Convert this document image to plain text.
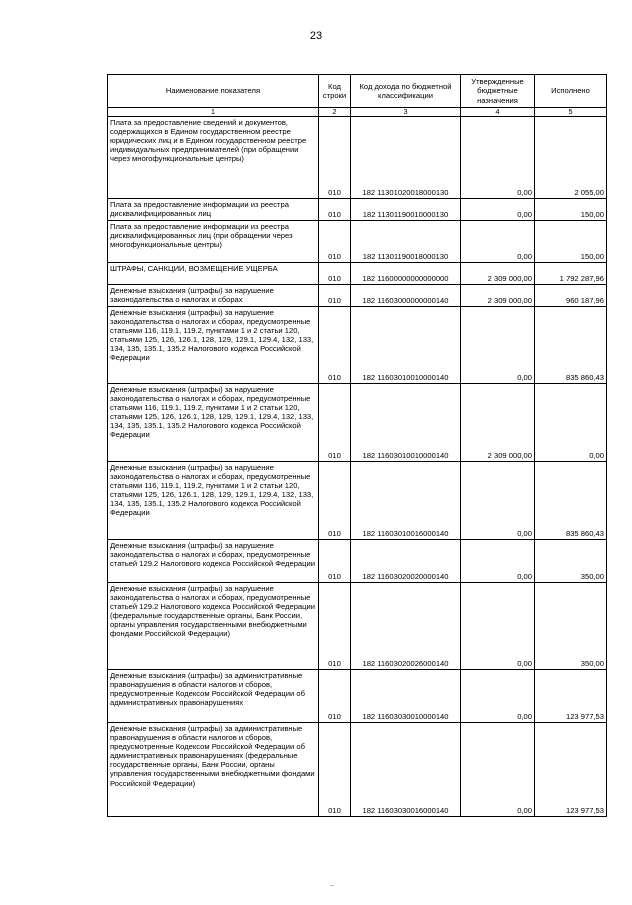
23
Наименование показателя	Код строки	Код дохода по бюджетной классификации	Утвержденные бюджетные назначения	Исполнено
1	2	3	4	5
Плата за предоставление сведений и документов, содержащихся в Едином государственном реестре юридических лиц и в Едином государственном реестре индивидуальных предпринимателей (при обращении через многофункциональные центры)	010	182 11301020018000130	0,00	2 055,00
Плата за предоставление информации из реестра дисквалифицированных лиц	010	182 11301190010000130	0,00	150,00
Плата за предоставление информации из реестра дисквалифицированных лиц (при обращении через многофункциональные центры)	010	182 11301190018000130	0,00	150,00
ШТРАФЫ, САНКЦИИ, ВОЗМЕЩЕНИЕ УЩЕРБА	010	182 11600000000000000	2 309 000,00	1 792 287,96
Денежные взыскания (штрафы) за нарушение законодательства о налогах и сборах	010	182 11603000000000140	2 309 000,00	960 187,96
Денежные взыскания (штрафы) за нарушение законодательства о налогах и сборах, предусмотренные статьями 116, 119.1, 119.2, пунктами 1 и 2 статьи 120, статьями 125, 126, 126.1, 128, 129, 129.1, 129.4, 132, 133, 134, 135, 135.1, 135.2 Налогового кодекса Российской Федерации	010	182 11603010010000140	0,00	835 860,43
Денежные взыскания (штрафы) за нарушение законодательства о налогах и сборах, предусмотренные статьями 116, 119.1, 119.2, пунктами 1 и 2 статьи 120, статьями 125, 126, 126.1, 128, 129, 129.1, 129.4, 132, 133, 134, 135, 135.1, 135.2 Налогового кодекса Российской Федерации	010	182 11603010010000140	2 309 000,00	0,00
Денежные взыскания (штрафы) за нарушение законодательства о налогах и сборах, предусмотренные статьями 116, 119.1, 119.2, пунктами 1 и 2 статьи 120, статьями 125, 126, 126.1, 128, 129, 129.1, 129.4, 132, 133, 134, 135, 135.1, 135.2 Налогового кодекса Российской Федерации	010	182 11603010016000140	0,00	835 860,43
Денежные взыскания (штрафы) за нарушение законодательства о налогах и сборах, предусмотренные статьей 129.2 Налогового кодекса Российской Федерации	010	182 11603020020000140	0,00	350,00
Денежные взыскания (штрафы) за нарушение законодательства о налогах и сборах, предусмотренные статьей 129.2 Налогового кодекса Российской Федерации (федеральные государственные органы, Банк России, органы управления государственными внебюджетными фондами Российской Федерации)	010	182 11603020026000140	0,00	350,00
Денежные взыскания (штрафы) за административные правонарушения в области налогов и сборов, предусмотренные Кодексом Российской Федерации об административных правонарушениях	010	182 11603030010000140	0,00	123 977,53
Денежные взыскания (штрафы) за административные правонарушения в области налогов и сборов, предусмотренные Кодексом Российской Федерации об административных правонарушениях (федеральные государственные органы, Банк России, органы управления государственными внебюджетными фондами Российской Федерации)	010	182 11603030016000140	0,00	123 977,53
